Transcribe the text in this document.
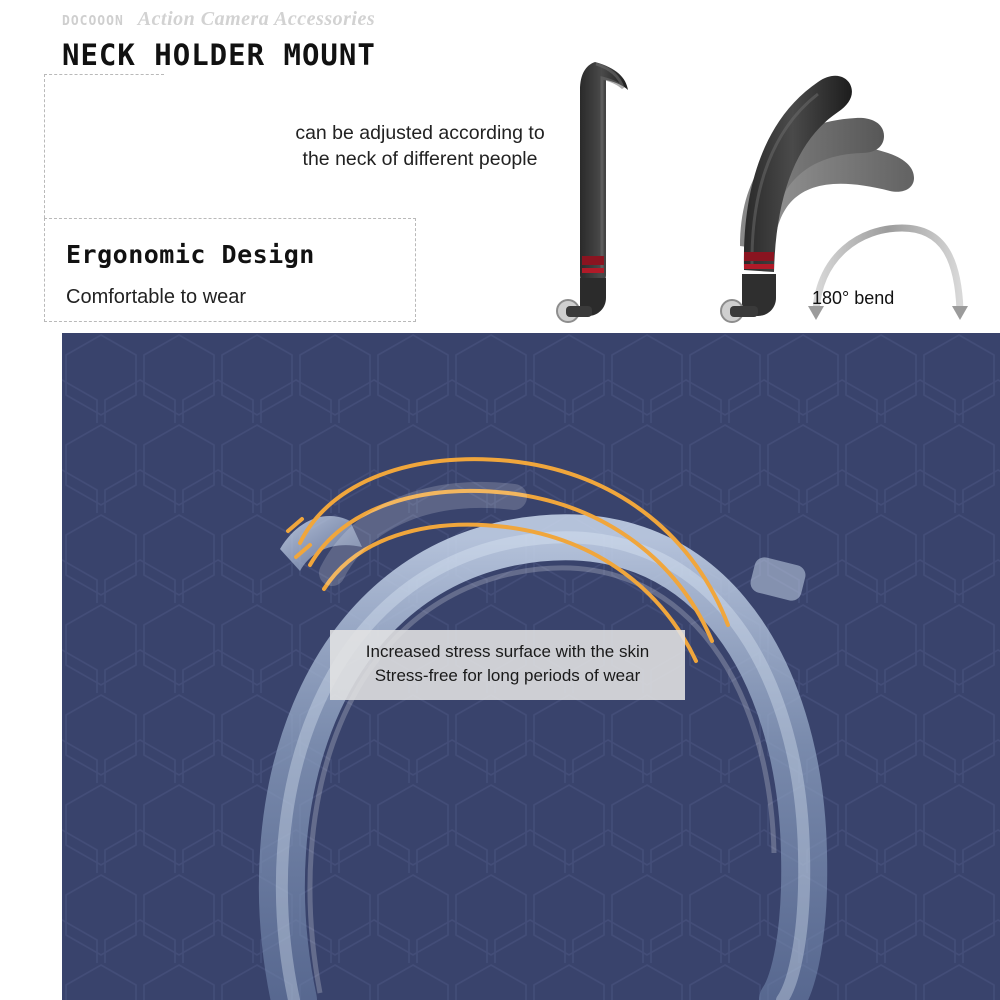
DOCOOON Action Camera Accessories
NECK HOLDER MOUNT
Ergonomic Design
Comfortable to wear
can be adjusted according to
the neck of different people
180° bend
Increased stress surface with the skin
Stress-free for long periods of wear
